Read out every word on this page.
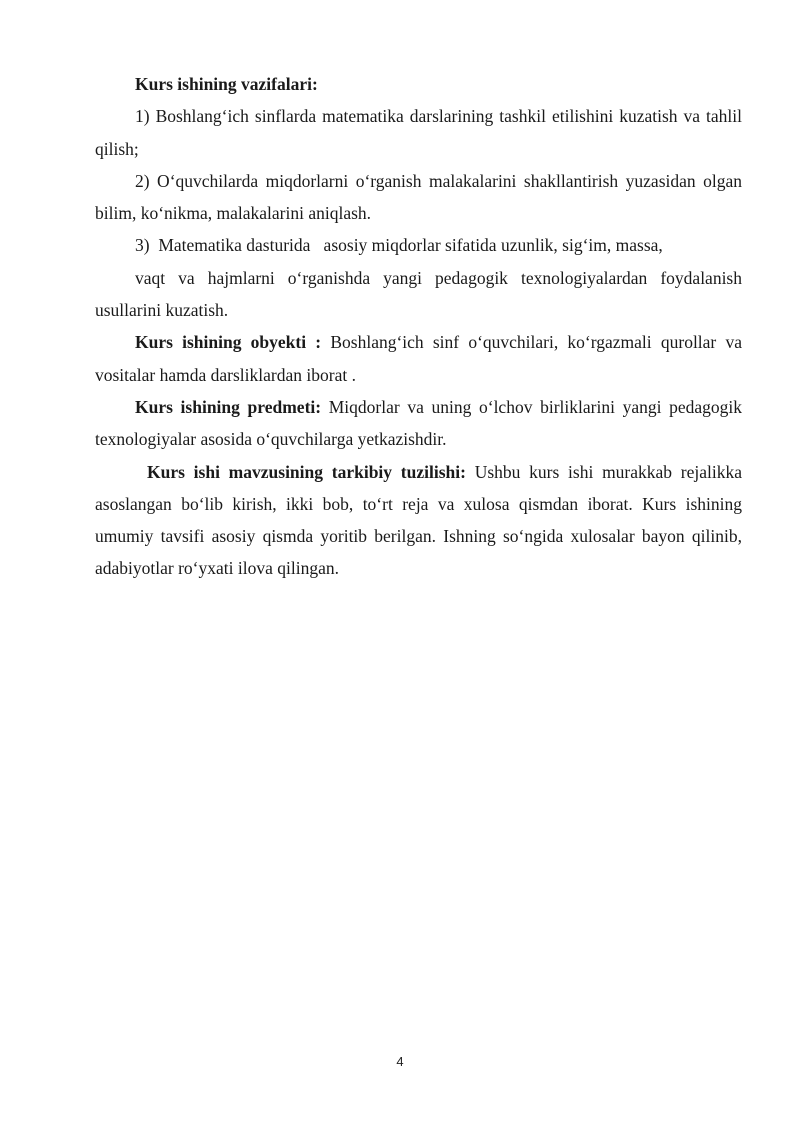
Kurs ishining vazifalari:

1) Boshlang‘ich sinflarda matematika darslarining tashkil etilishini kuzatish va tahlil qilish;

2) O‘quvchilarda miqdorlarni o‘rganish malakalarini shakllantirish yuzasidan olgan bilim, ko‘nikma, malakalarini aniqlash.

3)  Matematika dasturida   asosiy miqdorlar sifatida uzunlik, sig‘im, massa,

vaqt va hajmlarni o‘rganishda yangi pedagogik texnologiyalardan foydalanish usullarini kuzatish.

Kurs ishining obyekti : Boshlang‘ich sinf o‘quvchilari, ko‘rgazmali qurollar va vositalar hamda darsliklardan iborat .

Kurs ishining predmeti: Miqdorlar va uning o‘lchov birliklarini yangi pedagogik texnologiyalar asosida o‘quvchilarga yetkazishdir.

Kurs ishi mavzusining tarkibiy tuzilishi: Ushbu kurs ishi murakkab rejalikka asoslangan bo‘lib kirish, ikki bob, to‘rt reja va xulosa qismdan iborat. Kurs ishining umumiy tavsifi asosiy qismda yoritib berilgan. Ishning so‘ngida xulosalar bayon qilinib, adabiyotlar ro‘yxati ilova qilingan.

4
